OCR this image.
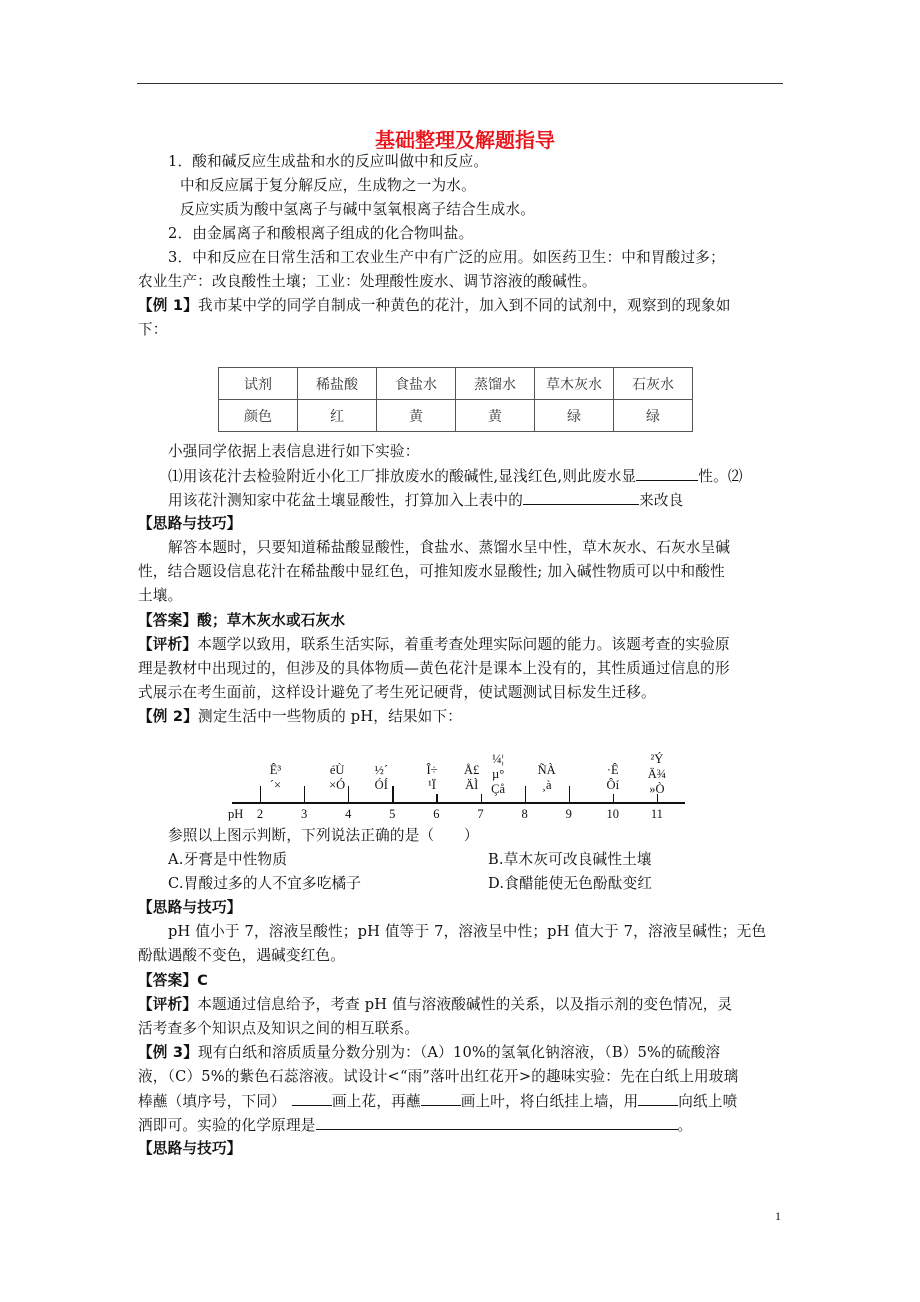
基础整理及解题指导
1．酸和碱反应生成盐和水的反应叫做中和反应。
中和反应属于复分解反应，生成物之一为水。
反应实质为酸中氢离子与碱中氢氧根离子结合生成水。
2．由金属离子和酸根离子组成的化合物叫盐。
3．中和反应在日常生活和工农业生产中有广泛的应用。如医药卫生：中和胃酸过多；
农业生产：改良酸性土壤；工业：处理酸性废水、调节溶液的酸碱性。
【例 1】我市某中学的同学自制成一种黄色的花汁，加入到不同的试剂中，观察到的现象如
下：
试剂	稀盐酸	食盐水	蒸馏水	草木灰水	石灰水
颜色	红	黄	黄	绿	绿
小强同学依据上表信息进行如下实验：
⑴用该花汁去检验附近小化工厂排放废水的酸碱性,显浅红色,则此废水显	性。⑵
用该花汁测知家中花盆土壤显酸性，打算加入上表中的	来改良
【思路与技巧】
解答本题时，只要知道稀盐酸显酸性，食盐水、蒸馏水呈中性，草木灰水、石灰水呈碱
性，结合题设信息花汁在稀盐酸中显红色，可推知废水显酸性; 加入碱性物质可以中和酸性
土壤。
【答案】酸；草木灰水或石灰水
【评析】本题学以致用，联系生活实际，着重考查处理实际问题的能力。该题考查的实验原
理是教材中出现过的，但涉及的具体物质—黄色花汁是课本上没有的，其性质通过信息的形
式展示在考生面前，这样设计避免了考生死记硬背，使试题测试目标发生迁移。
【例 2】测定生活中一些物质的 pH，结果如下：
pH 2	3	4	5	6	7	8	9	10	11
Ê³
´×
éÙ
×Ó
½´
ÓÍ
Î÷
¹Ï
Å£
ÄÌ
¼¦
µ°
Çå
ÑÀ
¸à
·Ê
Ôí
²Ý
Ä¾
»Ò
参照以上图示判断，下列说法正确的是（　　）
A.牙膏是中性物质	B.草木灰可改良碱性土壤
C.胃酸过多的人不宜多吃橘子	D.食醋能使无色酚酞变红
【思路与技巧】
pH 值小于 7，溶液呈酸性；pH 值等于 7，溶液呈中性；pH 值大于 7，溶液呈碱性；无色
酚酞遇酸不变色，遇碱变红色。
【答案】C
【评析】本题通过信息给予，考查 pH 值与溶液酸碱性的关系，以及指示剂的变色情况，灵
活考查多个知识点及知识之间的相互联系。
【例 3】现有白纸和溶质质量分数分别为：（A）10%的氢氧化钠溶液，（B）5%的硫酸溶
液，（C）5%的紫色石蕊溶液。试设计<“雨”落叶出红花开>的趣味实验：先在白纸上用玻璃
棒蘸（填序号，下同）	画上花，再蘸	画上叶，将白纸挂上墙，用	向纸上喷
洒即可。实验的化学原理是	。
【思路与技巧】
1
